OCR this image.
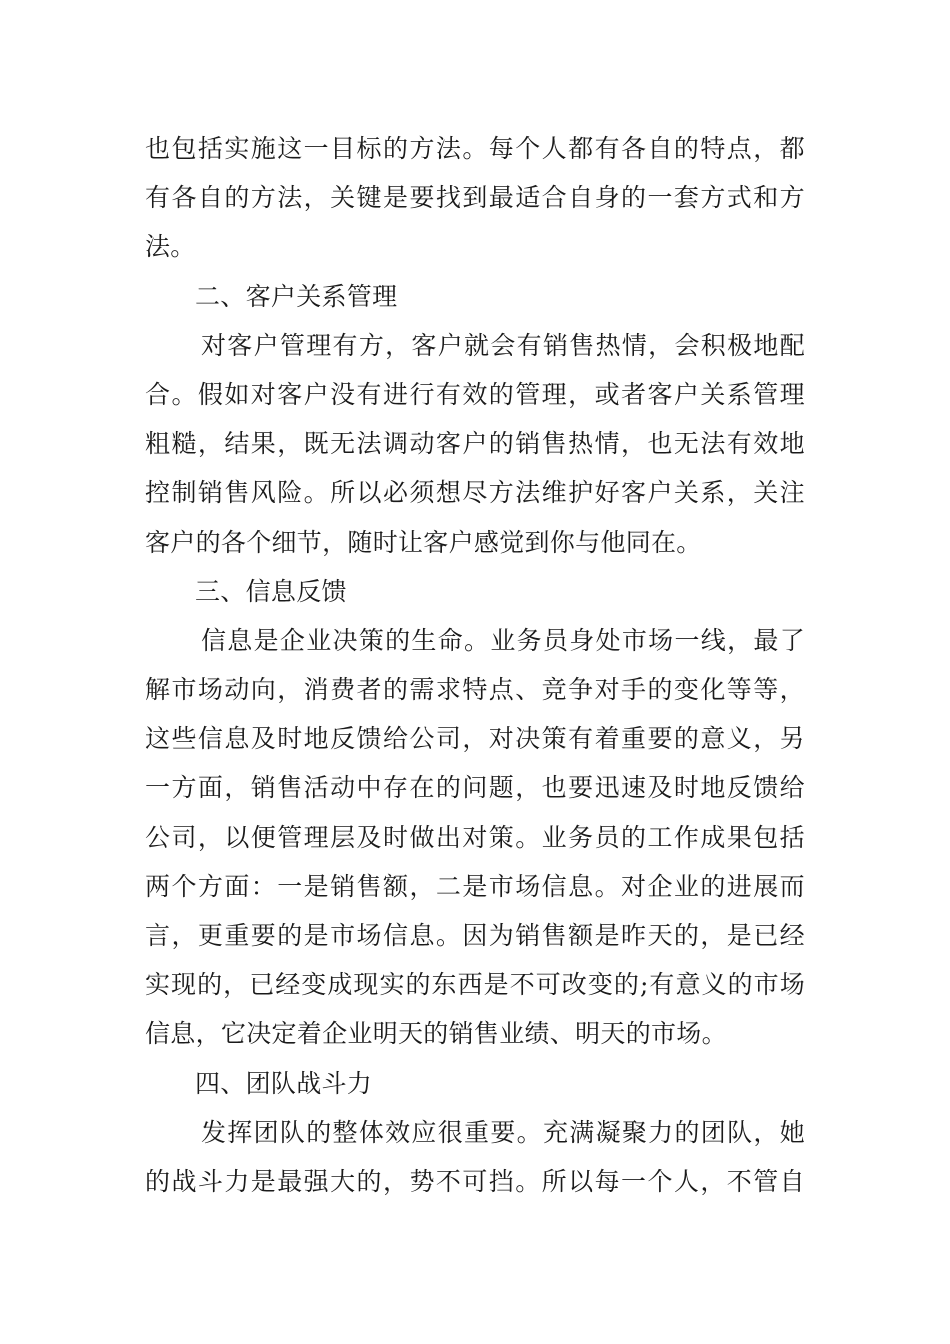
也包括实施这一目标的方法。每个人都有各自的特点，都
有各自的方法，关键是要找到最适合自身的一套方式和方
法。
二、客户关系管理
对客户管理有方，客户就会有销售热情，会积极地配
合。假如对客户没有进行有效的管理，或者客户关系管理
粗糙，结果，既无法调动客户的销售热情，也无法有效地
控制销售风险。所以必须想尽方法维护好客户关系，关注
客户的各个细节，随时让客户感觉到你与他同在。
三、信息反馈
信息是企业决策的生命。业务员身处市场一线，最了
解市场动向，消费者的需求特点、竞争对手的变化等等，
这些信息及时地反馈给公司，对决策有着重要的意义，另
一方面，销售活动中存在的问题，也要迅速及时地反馈给
公司，以便管理层及时做出对策。业务员的工作成果包括
两个方面：一是销售额，二是市场信息。对企业的进展而
言，更重要的是市场信息。因为销售额是昨天的，是已经
实现的，已经变成现实的东西是不可改变的;有意义的市场
信息，它决定着企业明天的销售业绩、明天的市场。
四、团队战斗力
发挥团队的整体效应很重要。充满凝聚力的团队，她
的战斗力是最强大的，势不可挡。所以每一个人，不管自
